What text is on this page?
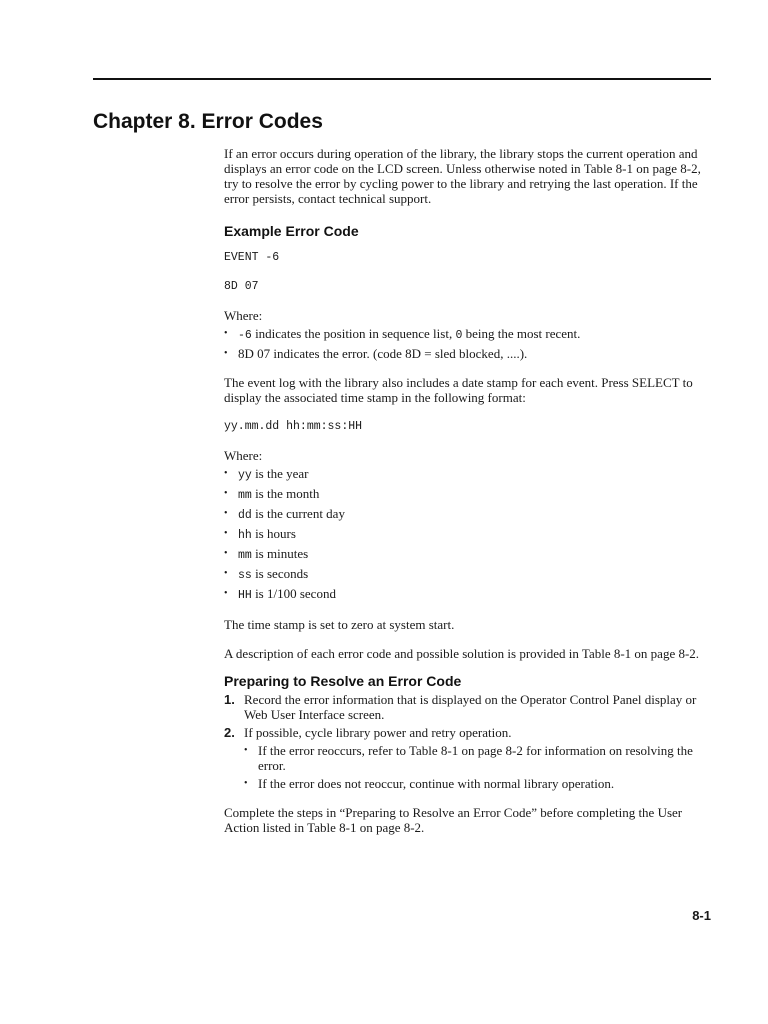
Chapter 8. Error Codes

If an error occurs during operation of the library, the library stops the current operation and displays an error code on the LCD screen. Unless otherwise noted in Table 8-1 on page 8-2, try to resolve the error by cycling power to the library and retrying the last operation. If the error persists, contact technical support.

Example Error Code

EVENT -6

8D 07

Where:

• -6 indicates the position in sequence list, 0 being the most recent.
• 8D 07 indicates the error. (code 8D = sled blocked, ....).

The event log with the library also includes a date stamp for each event. Press SELECT to display the associated time stamp in the following format:

yy.mm.dd hh:mm:ss:HH

Where:

• yy is the year
• mm is the month
• dd is the current day
• hh is hours
• mm is minutes
• ss is seconds
• HH is 1/100 second

The time stamp is set to zero at system start.

A description of each error code and possible solution is provided in Table 8-1 on page 8-2.

Preparing to Resolve an Error Code
1. Record the error information that is displayed on the Operator Control Panel display or Web User Interface screen.
2. If possible, cycle library power and retry operation.
• If the error reoccurs, refer to Table 8-1 on page 8-2 for information on resolving the error.
• If the error does not reoccur, continue with normal library operation.

Complete the steps in “Preparing to Resolve an Error Code” before completing the User Action listed in Table 8-1 on page 8-2.

8-1
